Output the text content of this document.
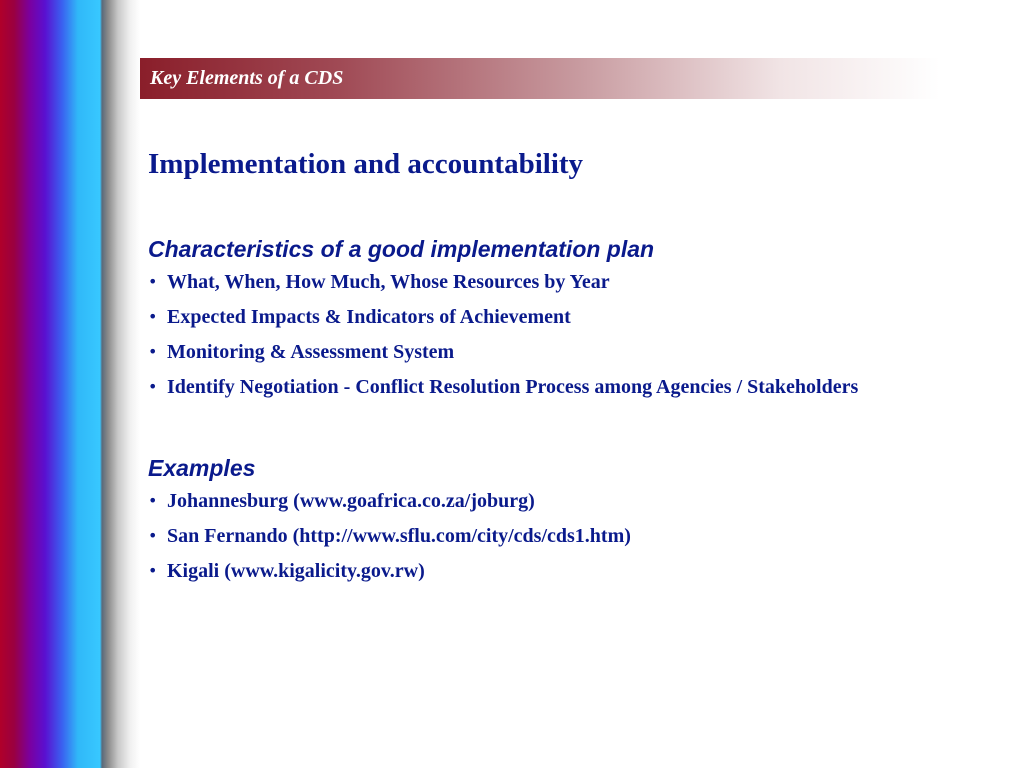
Key Elements of a CDS
Implementation and accountability
Characteristics of a good implementation plan
• What, When, How Much, Whose Resources by Year
• Expected Impacts & Indicators of Achievement
• Monitoring & Assessment System
• Identify Negotiation - Conflict Resolution Process among Agencies / Stakeholders
Examples
• Johannesburg (www.goafrica.co.za/joburg)
• San Fernando (http://www.sflu.com/city/cds/cds1.htm)
• Kigali (www.kigalicity.gov.rw)
